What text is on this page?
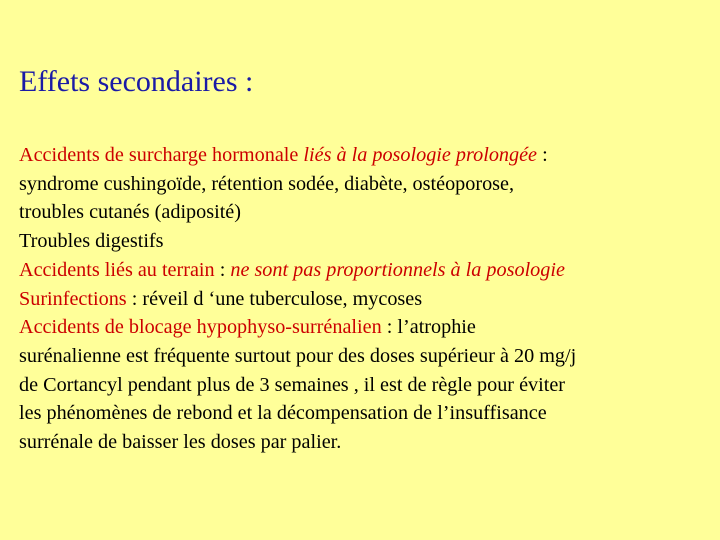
Effets secondaires :
Accidents de surcharge hormonale liés à la posologie prolongée :
syndrome cushingoïde, rétention sodée, diabète, ostéoporose,
troubles cutanés (adiposité)
Troubles digestifs
Accidents liés au terrain : ne sont pas proportionnels à la posologie
Surinfections : réveil d ‘une tuberculose, mycoses
Accidents de blocage hypophyso-surrénalien : l’atrophie
surénalienne est fréquente surtout pour des doses supérieur à 20 mg/j
de Cortancyl pendant plus de 3 semaines , il est de règle pour éviter
les phénomènes de rebond et la décompensation de l’insuffisance
surrénale de baisser les doses par palier.
